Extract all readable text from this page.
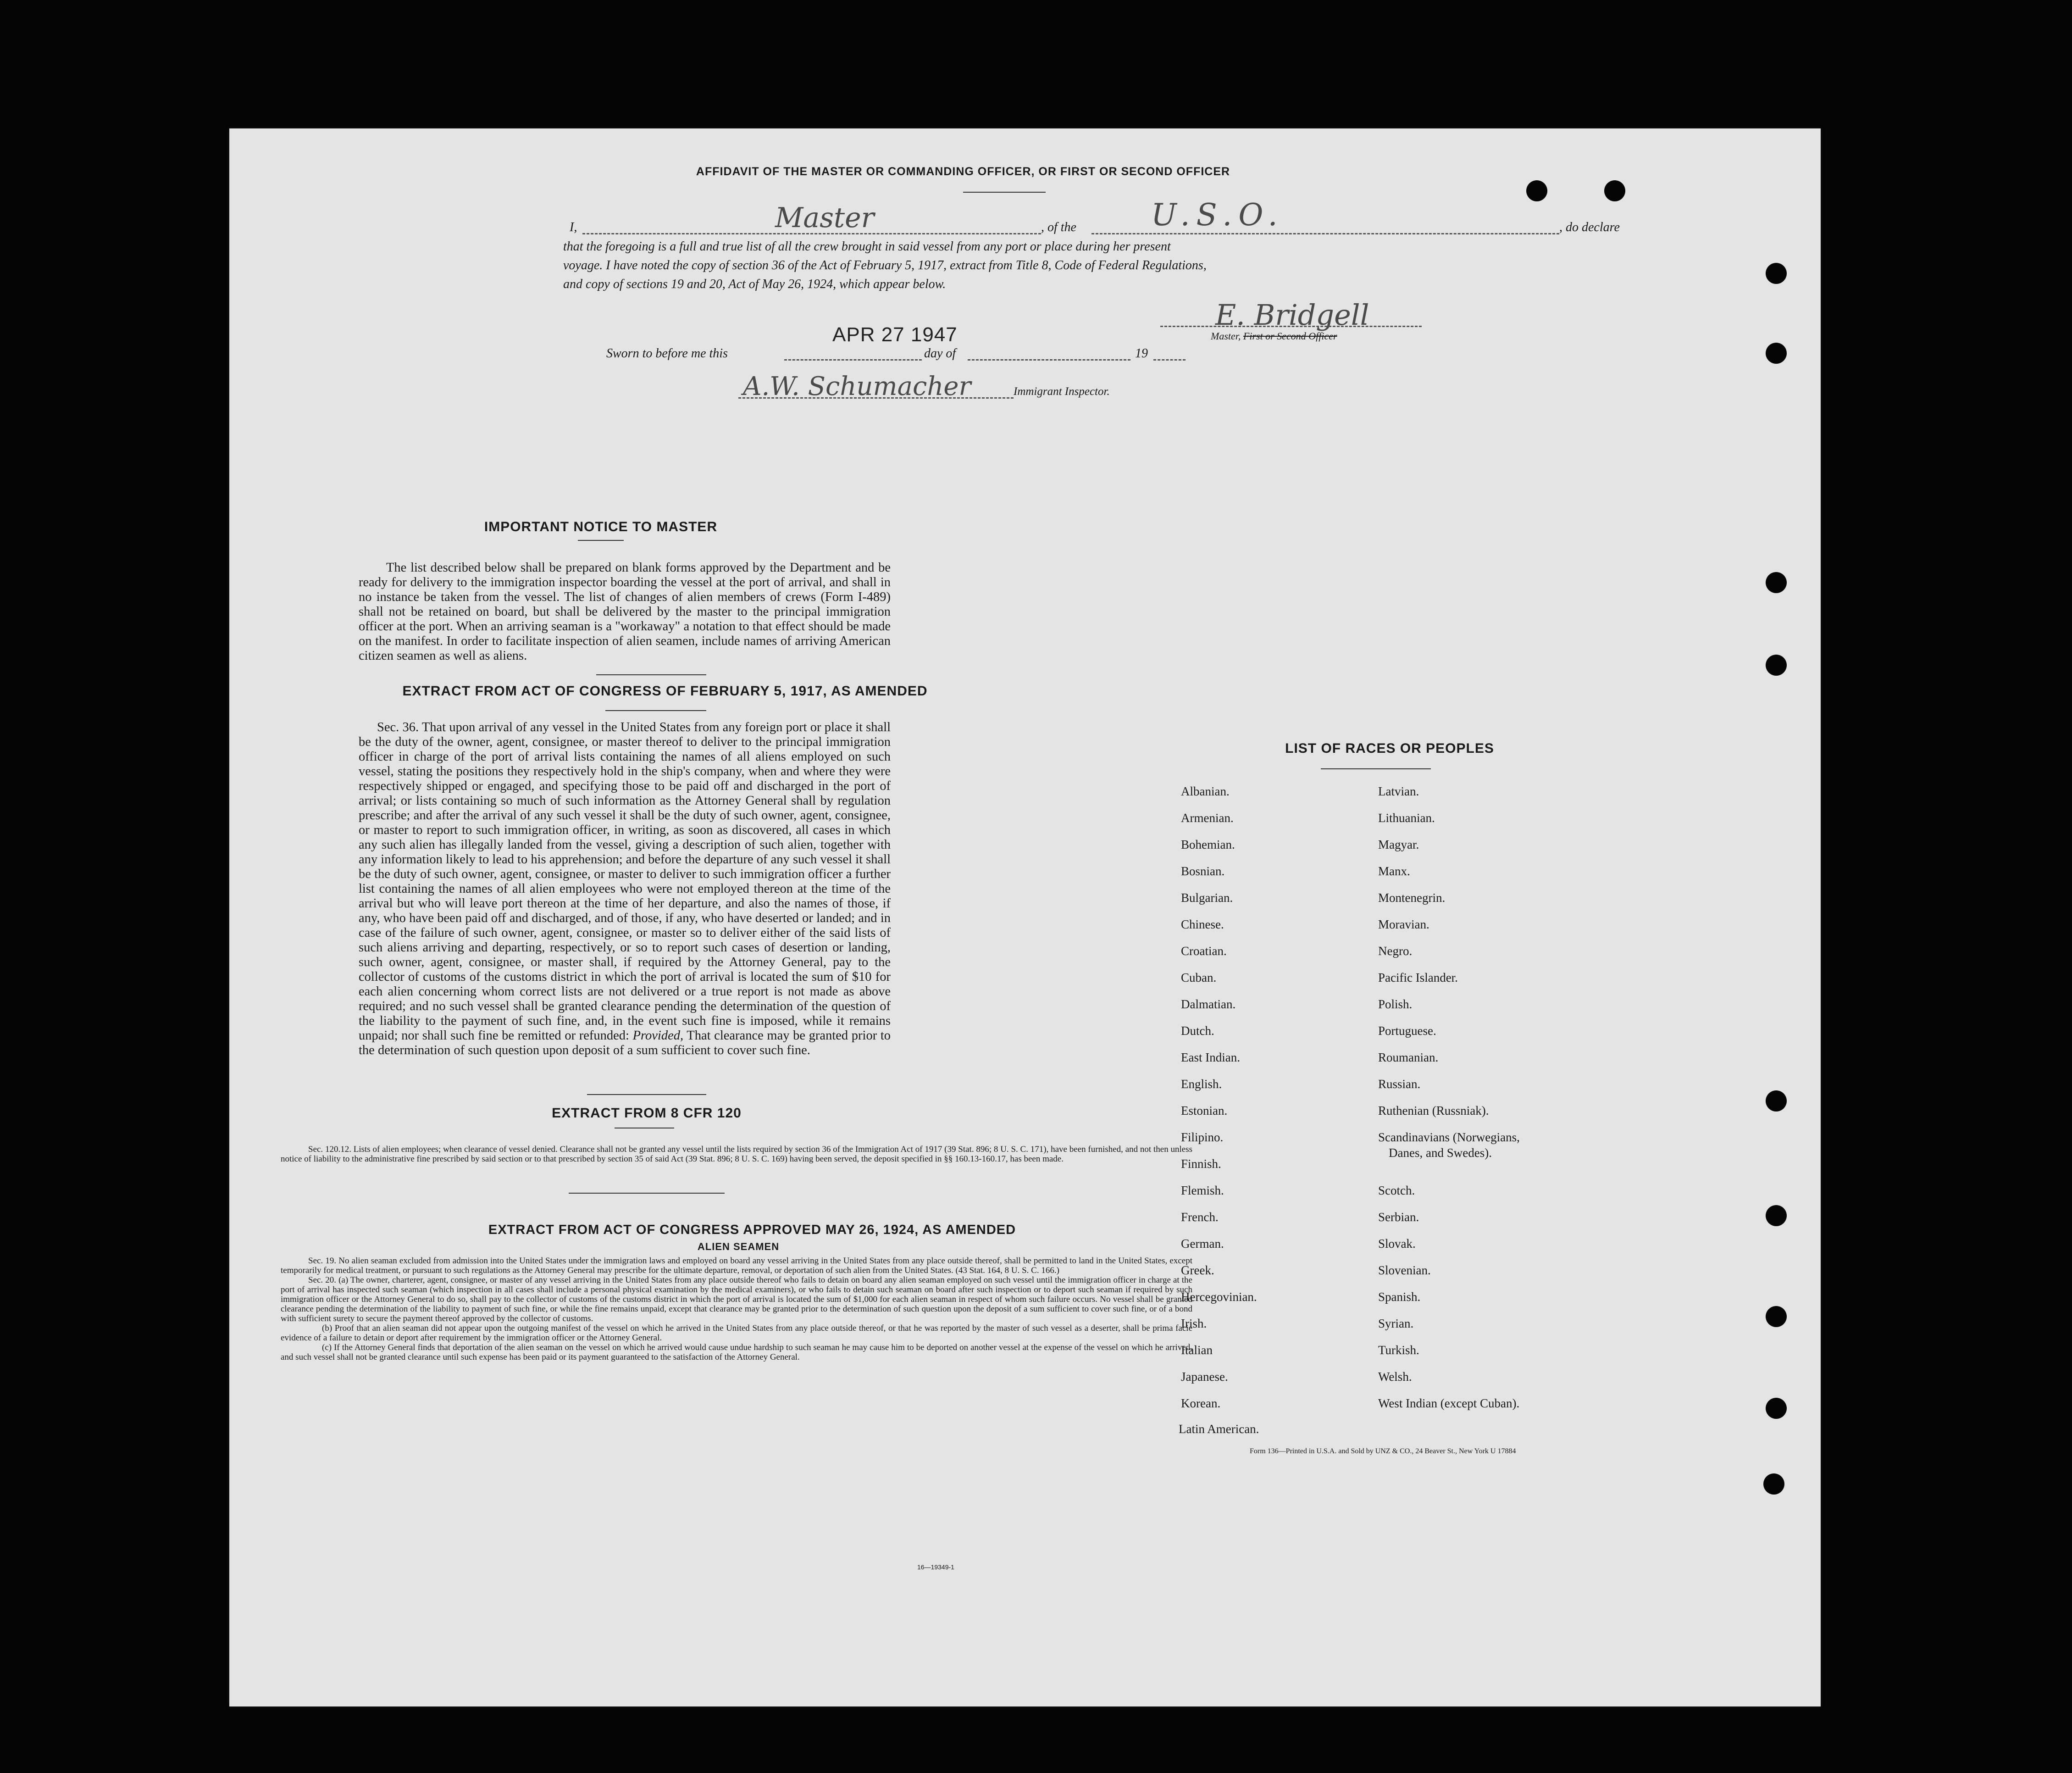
AFFIDAVIT OF THE MASTER OR COMMANDING OFFICER, OR FIRST OR SECOND OFFICER
I,	Master	, of the U.S.O.	, do declare
that the foregoing is a full and true list of all the crew brought in said vessel from any port or place during her present
voyage. I have noted the copy of section 36 of the Act of February 5, 1917, extract from Title 8, Code of Federal Regulations,
and copy of sections 19 and 20, Act of May 26, 1924, which appear below.
E. Bridgell
Master, First or Second Officer
APR 27 1947
Sworn to before me this	day of	19
A.W. Schumacher	Immigrant Inspector.
IMPORTANT NOTICE TO MASTER
The list described below shall be prepared on blank forms approved by the Department and be ready for delivery to the immigration inspector boarding the vessel at the port of arrival, and shall in no instance be taken from the vessel. The list of changes of alien members of crews (Form I-489) shall not be retained on board, but shall be delivered by the master to the principal immigration officer at the port. When an arriving seaman is a "workaway" a notation to that effect should be made on the manifest. In order to facilitate inspection of alien seamen, include names of arriving American citizen seamen as well as aliens.
EXTRACT FROM ACT OF CONGRESS OF FEBRUARY 5, 1917, AS AMENDED
Sec. 36. That upon arrival of any vessel in the United States from any foreign port or place it shall be the duty of the owner, agent, consignee, or master thereof to deliver to the principal immigration officer in charge of the port of arrival lists containing the names of all aliens employed on such vessel, stating the positions they respectively hold in the ship's company, when and where they were respectively shipped or engaged, and specifying those to be paid off and discharged in the port of arrival; or lists containing so much of such information as the Attorney General shall by regulation prescribe; and after the arrival of any such vessel it shall be the duty of such owner, agent, consignee, or master to report to such immigration officer, in writing, as soon as discovered, all cases in which any such alien has illegally landed from the vessel, giving a description of such alien, together with any information likely to lead to his apprehension; and before the departure of any such vessel it shall be the duty of such owner, agent, consignee, or master to deliver to such immigration officer a further list containing the names of all alien employees who were not employed thereon at the time of the arrival but who will leave port thereon at the time of her departure, and also the names of those, if any, who have been paid off and discharged, and of those, if any, who have deserted or landed; and in case of the failure of such owner, agent, consignee, or master so to deliver either of the said lists of such aliens arriving and departing, respectively, or so to report such cases of desertion or landing, such owner, agent, consignee, or master shall, if required by the Attorney General, pay to the collector of customs of the customs district in which the port of arrival is located the sum of $10 for each alien concerning whom correct lists are not delivered or a true report is not made as above required; and no such vessel shall be granted clearance pending the determination of the question of the liability to the payment of such fine, and, in the event such fine is imposed, while it remains unpaid; nor shall such fine be remitted or refunded: Provided, That clearance may be granted prior to the determination of such question upon deposit of a sum sufficient to cover such fine.
EXTRACT FROM 8 CFR 120
Sec. 120.12. Lists of alien employees; when clearance of vessel denied. Clearance shall not be granted any vessel until the lists required by section 36 of the Immigration Act of 1917 (39 Stat. 896; 8 U. S. C. 171), have been furnished, and not then unless notice of liability to the administrative fine prescribed by said section or to that prescribed by section 35 of said Act (39 Stat. 896; 8 U. S. C. 169) having been served, the deposit specified in §§ 160.13-160.17, has been made.
EXTRACT FROM ACT OF CONGRESS APPROVED MAY 26, 1924, AS AMENDED
ALIEN SEAMEN
Sec. 19. No alien seaman excluded from admission into the United States under the immigration laws and employed on board any vessel arriving in the United States from any place outside thereof, shall be permitted to land in the United States, except temporarily for medical treatment, or pursuant to such regulations as the Attorney General may prescribe for the ultimate departure, removal, or deportation of such alien from the United States. (43 Stat. 164, 8 U. S. C. 166.)
Sec. 20. (a) The owner, charterer, agent, consignee, or master of any vessel arriving in the United States from any place outside thereof who fails to detain on board any alien seaman employed on such vessel until the immigration officer in charge at the port of arrival has inspected such seaman (which inspection in all cases shall include a personal physical examination by the medical examiners), or who fails to detain such seaman on board after such inspection or to deport such seaman if required by such immigration officer or the Attorney General to do so, shall pay to the collector of customs of the customs district in which the port of arrival is located the sum of $1,000 for each alien seaman in respect of whom such failure occurs. No vessel shall be granted clearance pending the determination of the liability to payment of such fine, or while the fine remains unpaid, except that clearance may be granted prior to the determination of such question upon the deposit of a sum sufficient to cover such fine, or of a bond with sufficient surety to secure the payment thereof approved by the collector of customs.
(b) Proof that an alien seaman did not appear upon the outgoing manifest of the vessel on which he arrived in the United States from any place outside thereof, or that he was reported by the master of such vessel as a deserter, shall be prima facie evidence of a failure to detain or deport after requirement by the immigration officer or the Attorney General.
(c) If the Attorney General finds that deportation of the alien seaman on the vessel on which he arrived would cause undue hardship to such seaman he may cause him to be deported on another vessel at the expense of the vessel on which he arrived, and such vessel shall not be granted clearance until such expense has been paid or its payment guaranteed to the satisfaction of the Attorney General.
16—19349-1
LIST OF RACES OR PEOPLES
Albanian.
Armenian.
Bohemian.
Bosnian.
Bulgarian.
Chinese.
Croatian.
Cuban.
Dalmatian.
Dutch.
East Indian.
English.
Estonian.
Filipino.
Finnish.
Flemish.
French.
German.
Greek.
Hercegovinian.
Irish.
Italian
Japanese.
Korean.
Latin American.
Latvian.
Lithuanian.
Magyar.
Manx.
Montenegrin.
Moravian.
Negro.
Pacific Islander.
Polish.
Portuguese.
Roumanian.
Russian.
Ruthenian (Russniak).
Scandinavians (Norwegians,
Danes, and Swedes).
Scotch.
Serbian.
Slovak.
Slovenian.
Spanish.
Syrian.
Turkish.
Welsh.
West Indian (except Cuban).
Form 136—Printed in U.S.A. and Sold by UNZ & CO., 24 Beaver St., New York U 17884
